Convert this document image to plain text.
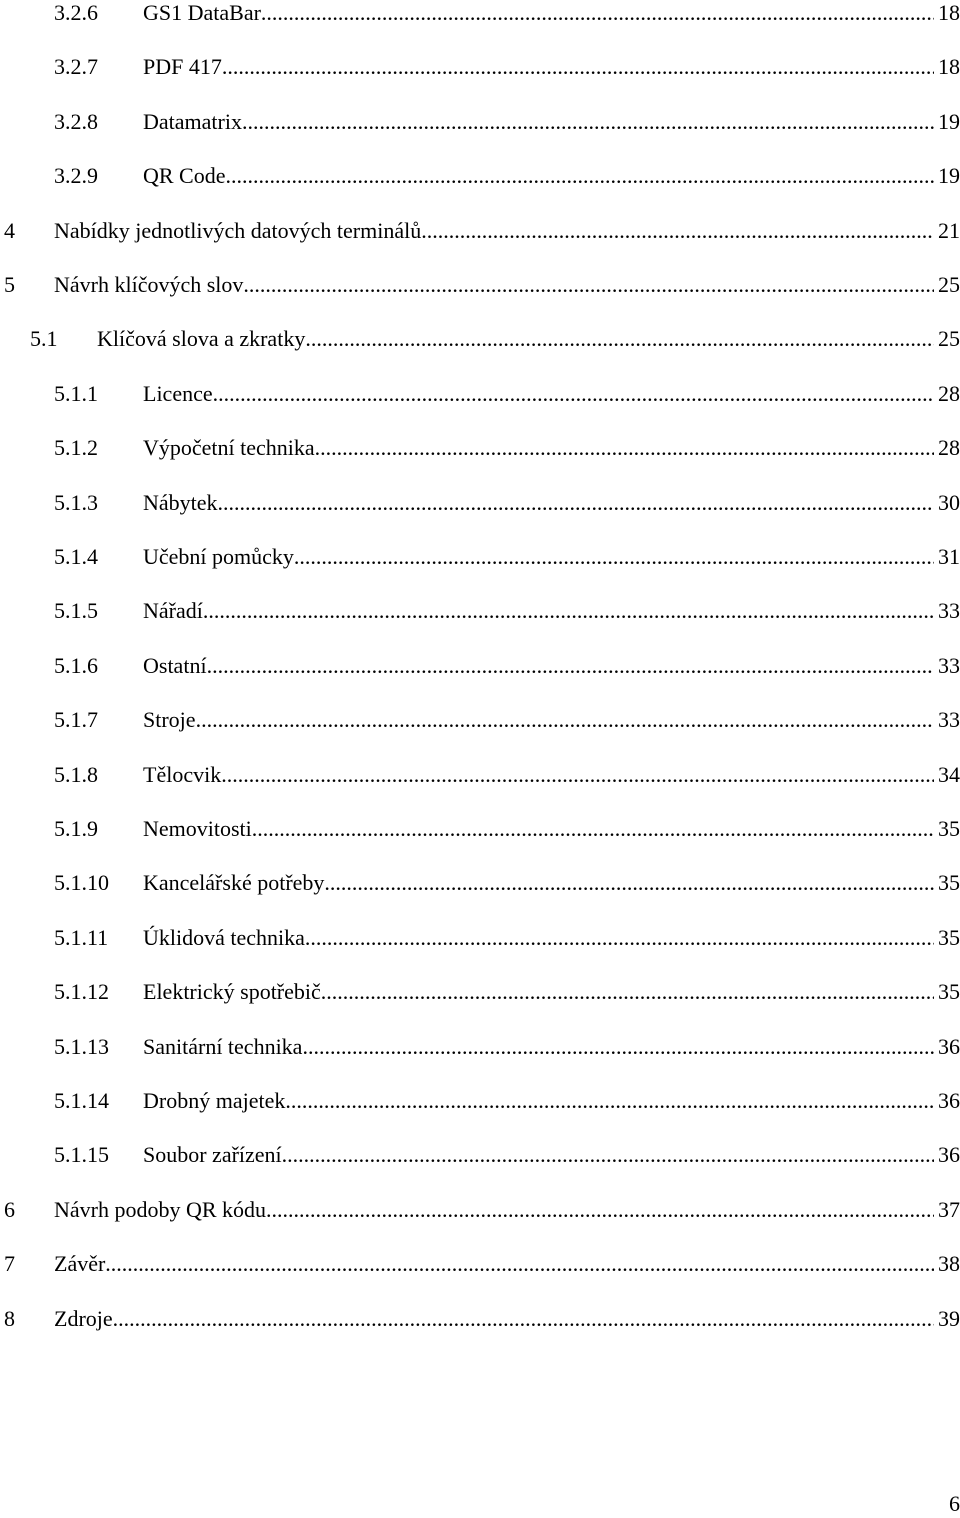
3.2.6 GS1 DataBar .....	18
3.2.7 PDF 417 .....	18
3.2.8 Datamatrix .....	19
3.2.9 QR Code .....	19
4 Nabídky jednotlivých datových terminálů .....	21
5 Návrh klíčových slov .....	25
5.1 Klíčová slova a zkratky .....	25
5.1.1 Licence .....	28
5.1.2 Výpočetní technika .....	28
5.1.3 Nábytek .....	30
5.1.4 Učební pomůcky .....	31
5.1.5 Nářadí .....	33
5.1.6 Ostatní .....	33
5.1.7 Stroje .....	33
5.1.8 Tělocvik .....	34
5.1.9 Nemovitosti .....	35
5.1.10 Kancelářské potřeby .....	35
5.1.11 Úklidová technika .....	35
5.1.12 Elektrický spotřebič .....	35
5.1.13 Sanitární technika .....	36
5.1.14 Drobný majetek .....	36
5.1.15 Soubor zařízení .....	36
6 Návrh podoby QR kódu .....	37
7 Závěr .....	38
8 Zdroje .....	39
6
